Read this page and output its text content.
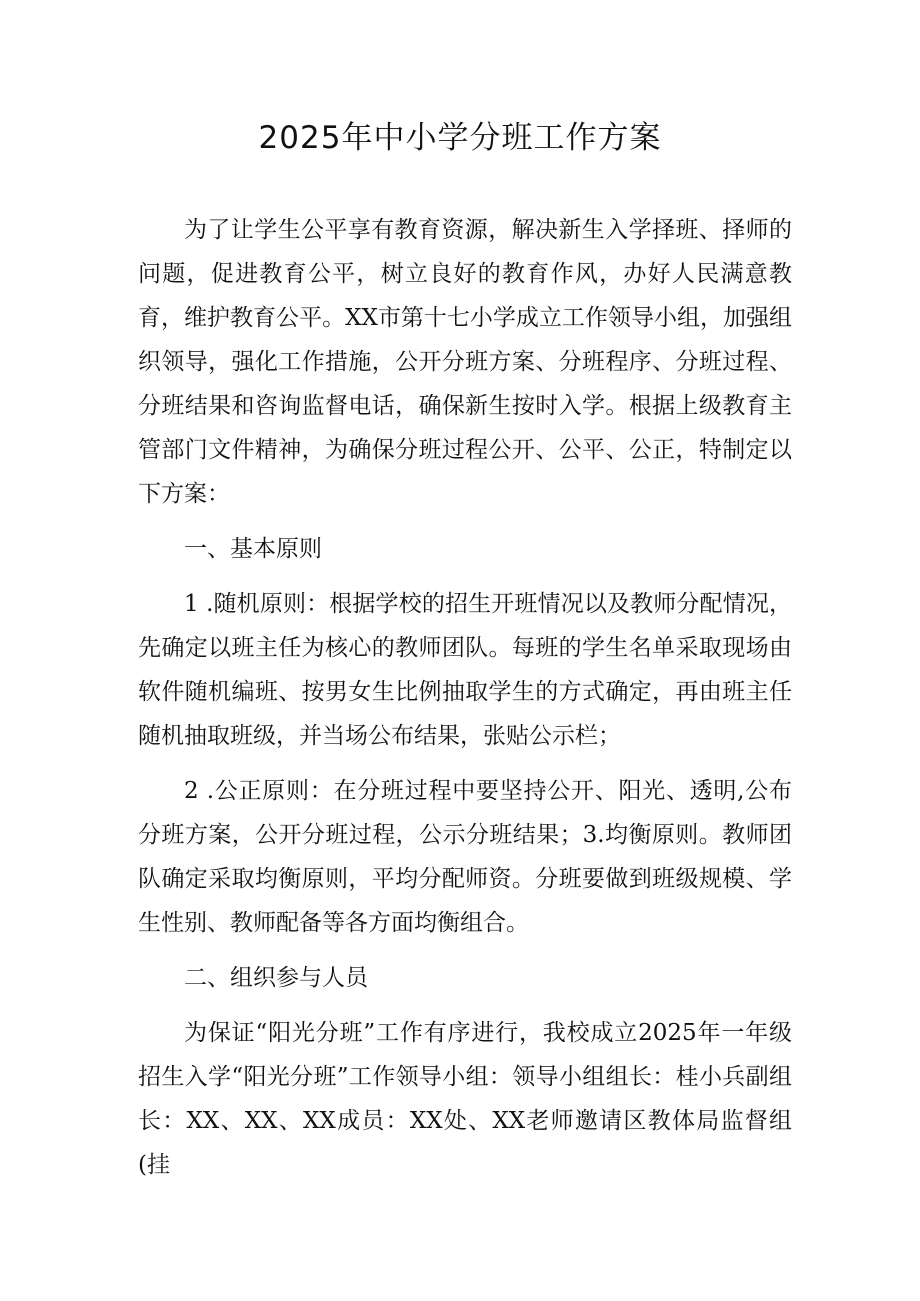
2025年中小学分班工作方案

为了让学生公平享有教育资源，解决新生入学择班、择师的问题，促进教育公平，树立良好的教育作风，办好人民满意教育，维护教育公平。XX市第十七小学成立工作领导小组，加强组织领导，强化工作措施，公开分班方案、分班程序、分班过程、分班结果和咨询监督电话，确保新生按时入学。根据上级教育主管部门文件精神，为确保分班过程公开、公平、公正，特制定以下方案：

一、基本原则

1 .随机原则：根据学校的招生开班情况以及教师分配情况，先确定以班主任为核心的教师团队。每班的学生名单采取现场由软件随机编班、按男女生比例抽取学生的方式确定，再由班主任随机抽取班级，并当场公布结果，张贴公示栏；

2 .公正原则：在分班过程中要坚持公开、阳光、透明,公布分班方案，公开分班过程，公示分班结果；3.均衡原则。教师团队确定采取均衡原则，平均分配师资。分班要做到班级规模、学生性别、教师配备等各方面均衡组合。

二、组织参与人员

为保证“阳光分班”工作有序进行，我校成立2025年一年级招生入学“阳光分班”工作领导小组：领导小组组长：桂小兵副组长：XX、XX、XX成员：XX处、XX老师邀请区教体局监督组(挂
